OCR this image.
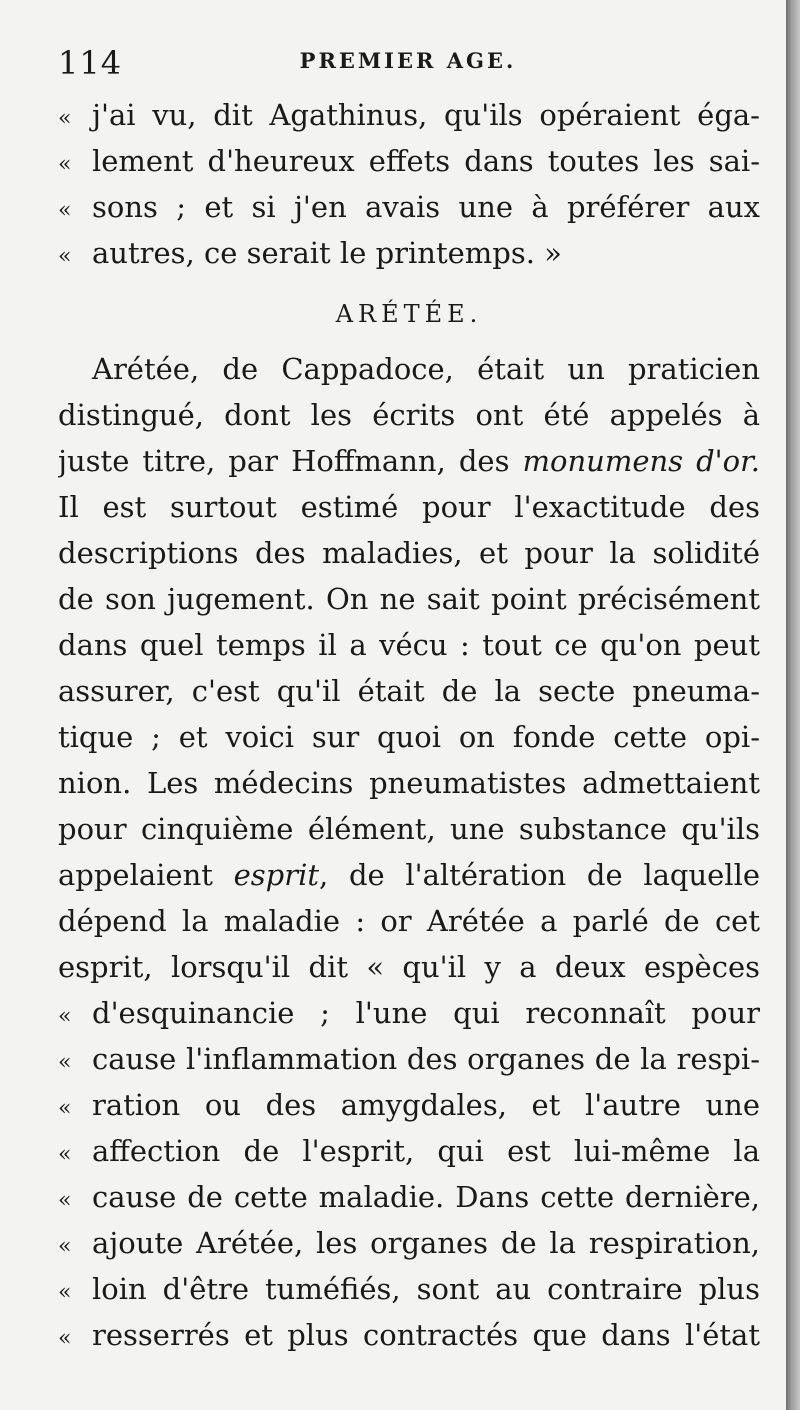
114	PREMIER AGE.
« j'ai vu, dit Agathinus, qu'ils opéraient éga-
« lement d'heureux effets dans toutes les sai-
« sons ; et si j'en avais une à préférer aux
« autres, ce serait le printemps. »
ARÉTÉE.
Arétée, de Cappadoce, était un praticien
distingué, dont les écrits ont été appelés à
juste titre, par Hoffmann, des monumens d'or.
Il est surtout estimé pour l'exactitude des
descriptions des maladies, et pour la solidité
de son jugement. On ne sait point précisément
dans quel temps il a vécu : tout ce qu'on peut
assurer, c'est qu'il était de la secte pneuma-
tique ; et voici sur quoi on fonde cette opi-
nion. Les médecins pneumatistes admettaient
pour cinquième élément, une substance qu'ils
appelaient esprit, de l'altération de laquelle
dépend la maladie : or Arétée a parlé de cet
esprit, lorsqu'il dit « qu'il y a deux espèces
« d'esquinancie ; l'une qui reconnaît pour
« cause l'inflammation des organes de la respi-
« ration ou des amygdales, et l'autre une
« affection de l'esprit, qui est lui-même la
« cause de cette maladie. Dans cette dernière,
« ajoute Arétée, les organes de la respiration,
« loin d'être tuméfiés, sont au contraire plus
« resserrés et plus contractés que dans l'état
